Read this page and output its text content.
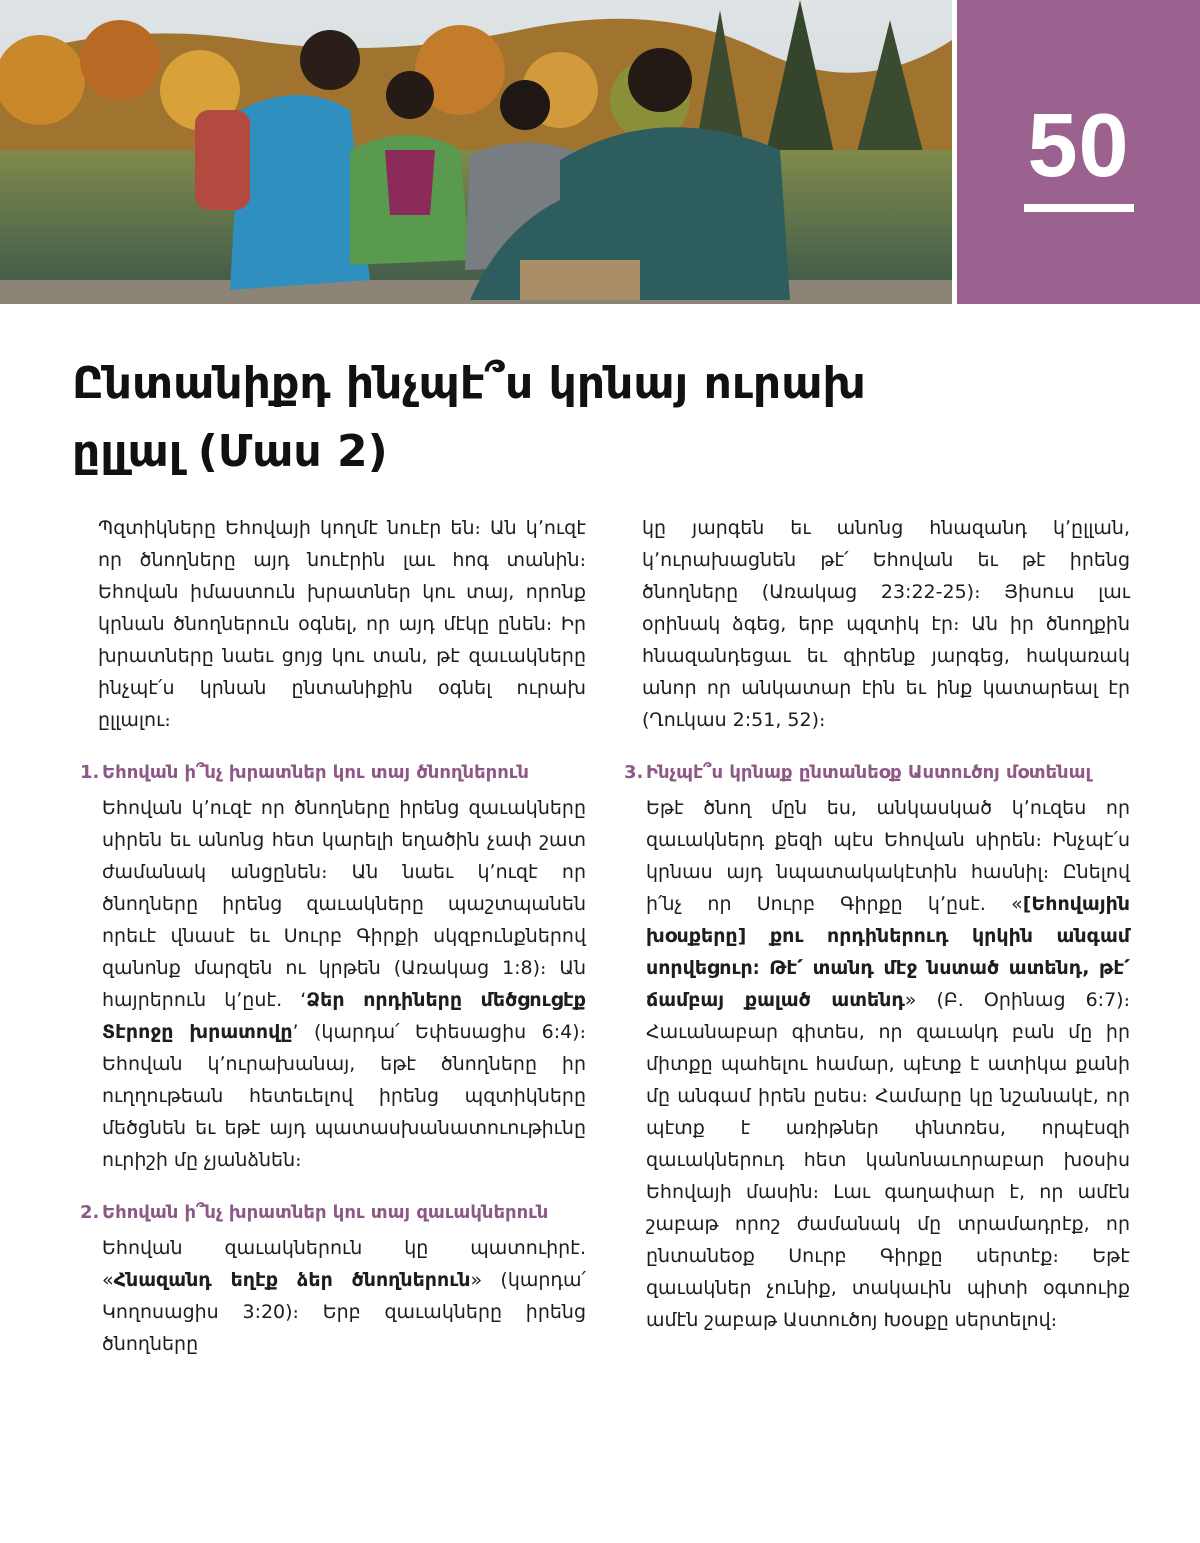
50
Ընտանիքդ ինչպէ՞ս կրնայ ուրախ ըլլալ (Մաս 2)

Պզտիկները Եհովայի կողմէ նուէր են։ Ան կ՚ուզէ որ ծնողները այդ նուէրին լաւ հոգ տանին։ Եհովան իմաստուն խրատներ կու տայ, որոնք կրնան ծնողներուն օգնել, որ այդ մէկը ընեն։ Իր խրատները նաեւ ցոյց կու տան, թէ զաւակները ինչպէ՛ս կրնան ընտանիքին օգնել ուրախ ըլլալու։

1. Եհովան ի՞նչ խրատներ կու տայ ծնողներուն

Եհովան կ՚ուզէ որ ծնողները իրենց զաւակները սիրեն եւ անոնց հետ կարելի եղածին չափ շատ ժամանակ անցընեն։ Ան նաեւ կ՚ուզէ որ ծնողները իրենց զաւակները պաշտպանեն որեւէ վնասէ եւ Սուրբ Գիրքի սկզբունքներով զանոնք մարզեն ու կրթեն (Առակաց 1:8)։ Ան հայրերուն կ՚ըսէ. ‘Ձեր որդիները մեծցուցէք Տէրոջը խրատովը’ (կարդա՛ Եփեսացիս 6:4)։ Եհովան կ՚ուրախանայ, եթէ ծնողները իր ուղղութեան հետեւելով իրենց պզտիկները մեծցնեն եւ եթէ այդ պատասխանատուութիւնը ուրիշի մը չյանձնեն։

2. Եհովան ի՞նչ խրատներ կու տայ զաւակներուն

Եհովան զաւակներուն կը պատուիրէ. «Հնազանդ եղէք ձեր ծնողներուն» (կարդա՛ Կողոսացիս 3:20)։ Երբ զաւակները իրենց ծնողները

կը յարգեն եւ անոնց հնազանդ կ՚ըլլան, կ՚ուրախացնեն թէ՛ Եհովան եւ թէ իրենց ծնողները (Առակաց 23:22-25)։ Յիսուս լաւ օրինակ ձգեց, երբ պզտիկ էր։ Ան իր ծնողքին հնազանդեցաւ եւ զիրենք յարգեց, հակառակ անոր որ անկատար էին եւ ինք կատարեալ էր (Ղուկաս 2:51, 52)։

3. Ինչպէ՞ս կրնաք ընտանեօք Աստուծոյ մօտենալ

Եթէ ծնող մըն ես, անկասկած կ՚ուզես որ զաւակներդ քեզի պէս Եհովան սիրեն։ Ինչպէ՛ս կրնաս այդ նպատակակէտին հասնիլ։ Ընելով ի՛նչ որ Սուրբ Գիրքը կ՚ըսէ. «[Եհովային խօսքերը] քու որդիներուդ կրկին անգամ սորվեցուր։ Թէ՛ տանդ մէջ նստած ատենդ, թէ՛ ճամբայ քալած ատենդ» (Բ. Օրինաց 6:7)։ Հաւանաբար գիտես, որ զաւակդ բան մը իր միտքը պահելու համար, պէտք է ատիկա քանի մը անգամ իրեն ըսես։ Համարը կը նշանակէ, որ պէտք է առիթներ փնտռես, որպէսզի զաւակներուդ հետ կանոնաւորաբար խօսիս Եհովայի մասին։ Լաւ գաղափար է, որ ամէն շաբաթ որոշ ժամանակ մը տրամադրէք, որ ընտանեօք Սուրբ Գիրքը սերտէք։ Եթէ զաւակներ չունիք, տակաւին պիտի օգտուիք ամէն շաբաթ Աստուծոյ Խօսքը սերտելով։
